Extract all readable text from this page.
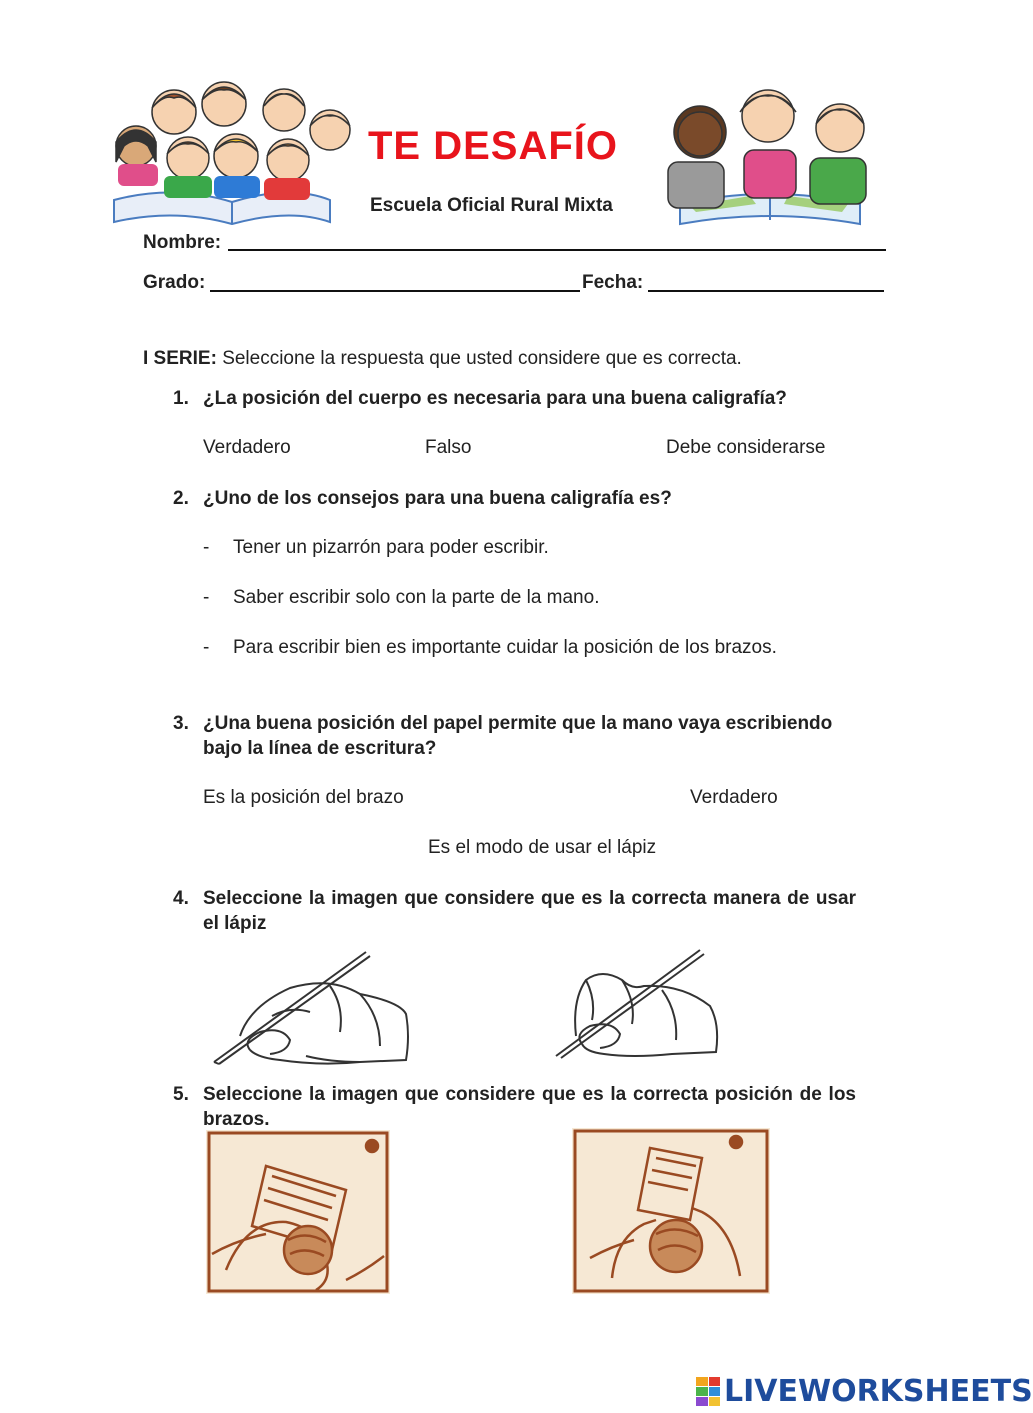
TE DESAFÍO
Escuela Oficial Rural Mixta
Nombre:
Grado:	Fecha:
I SERIE: Seleccione la respuesta que usted considere que es correcta.
1. ¿La posición del cuerpo es necesaria para una buena caligrafía?
Verdadero	Falso	Debe considerarse
2. ¿Uno de los consejos para una buena caligrafía es?
- Tener un pizarrón para poder escribir.
- Saber escribir solo con la parte de la mano.
- Para escribir bien es importante cuidar la posición de los brazos.
3. ¿Una buena posición del papel permite que la mano vaya escribiendo bajo la línea de escritura?
Es la posición del brazo	Verdadero
Es el modo de usar el lápiz
4. Seleccione la imagen que considere que es la correcta manera de usar el lápiz
5. Seleccione la imagen que considere que es la correcta posición de los brazos.
LIVEWORKSHEETS
